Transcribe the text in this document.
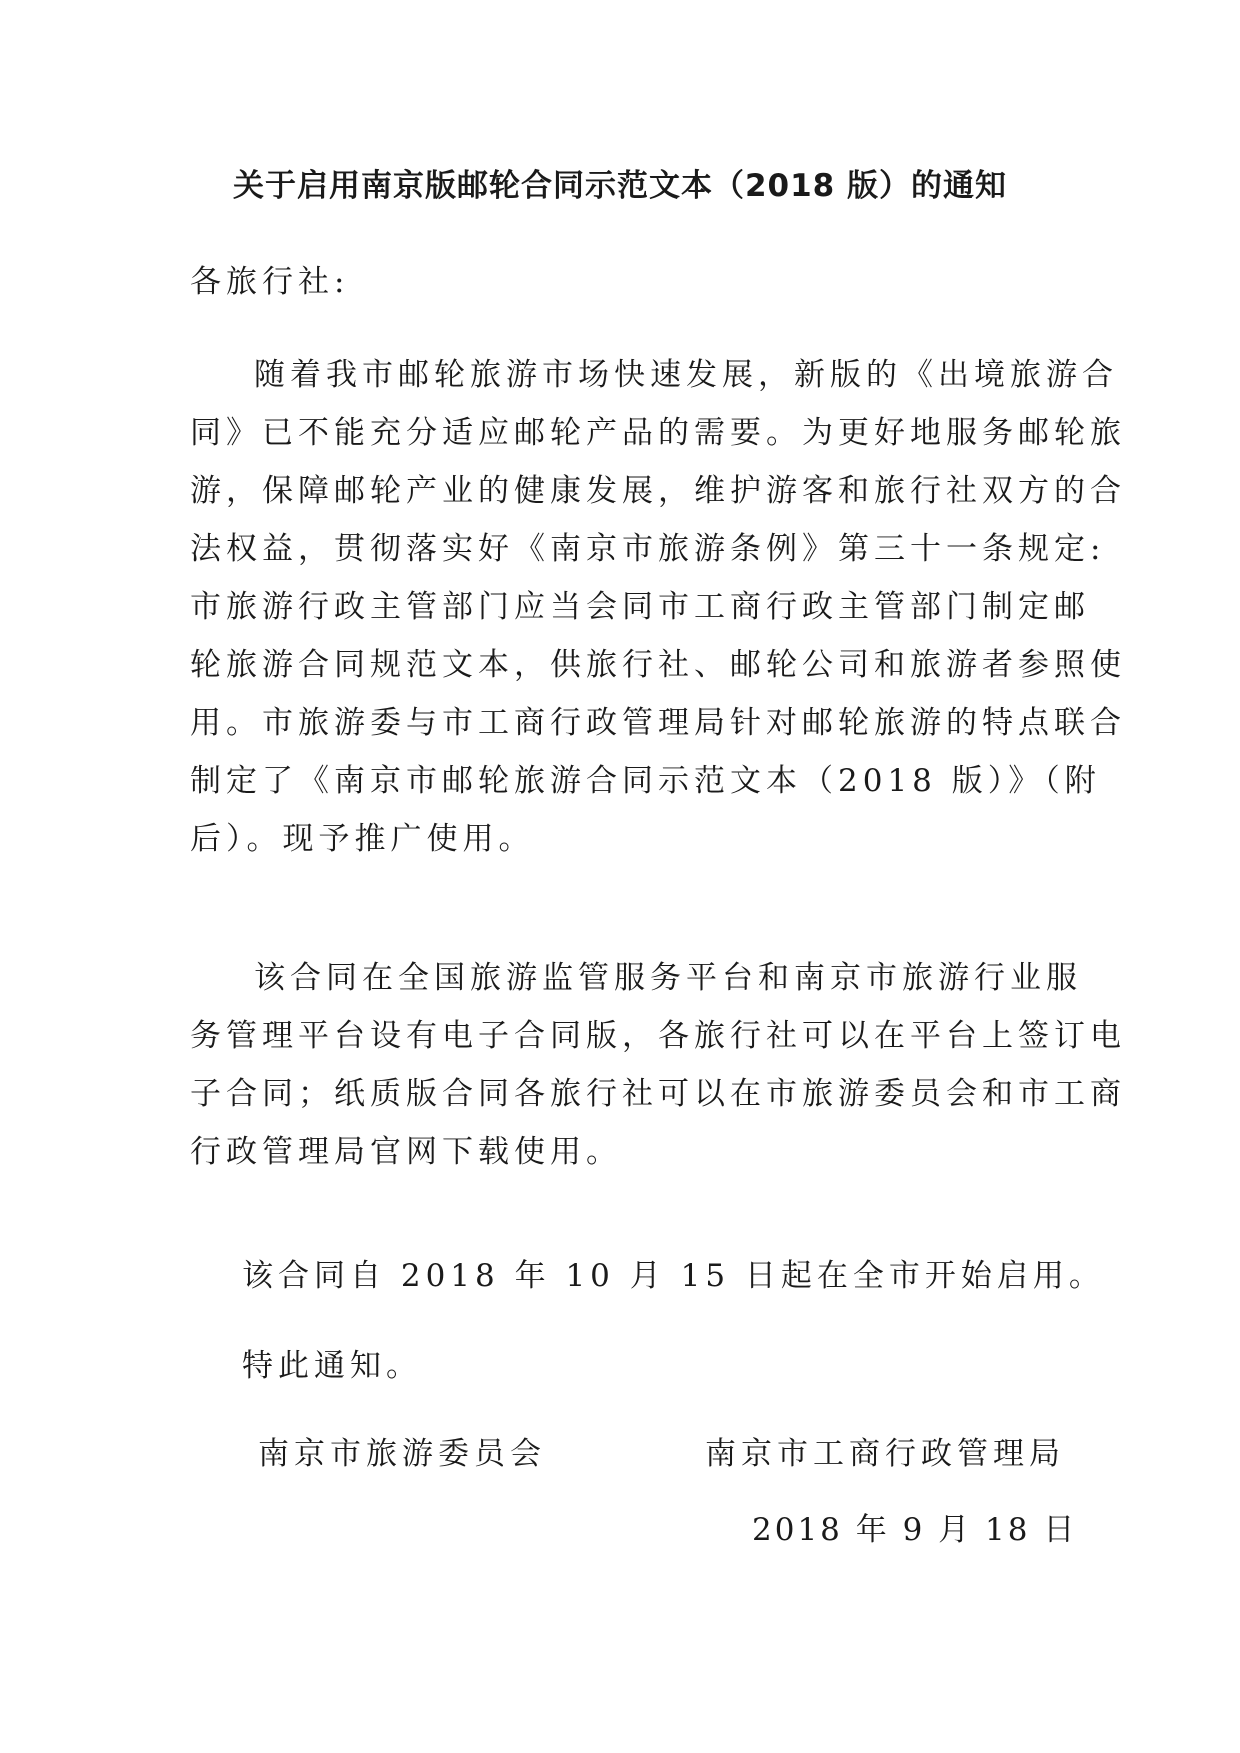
关于启用南京版邮轮合同示范文本（2018 版）的通知

各旅行社:

随着我市邮轮旅游市场快速发展，新版的《出境旅游合
同》已不能充分适应邮轮产品的需要。为更好地服务邮轮旅
游，保障邮轮产业的健康发展，维护游客和旅行社双方的合
法权益，贯彻落实好《南京市旅游条例》第三十一条规定:
市旅游行政主管部门应当会同市工商行政主管部门制定邮
轮旅游合同规范文本，供旅行社、邮轮公司和旅游者参照使
用。市旅游委与市工商行政管理局针对邮轮旅游的特点联合
制定了《南京市邮轮旅游合同示范文本（2018 版）》（附
后）。现予推广使用。
该合同在全国旅游监管服务平台和南京市旅游行业服
务管理平台设有电子合同版，各旅行社可以在平台上签订电
子合同；纸质版合同各旅行社可以在市旅游委员会和市工商
行政管理局官网下载使用。

该合同自 2018 年 10 月 15 日起在全市开始启用。

特此通知。

南京市旅游委员会	南京市工商行政管理局

2018 年 9 月 18 日
